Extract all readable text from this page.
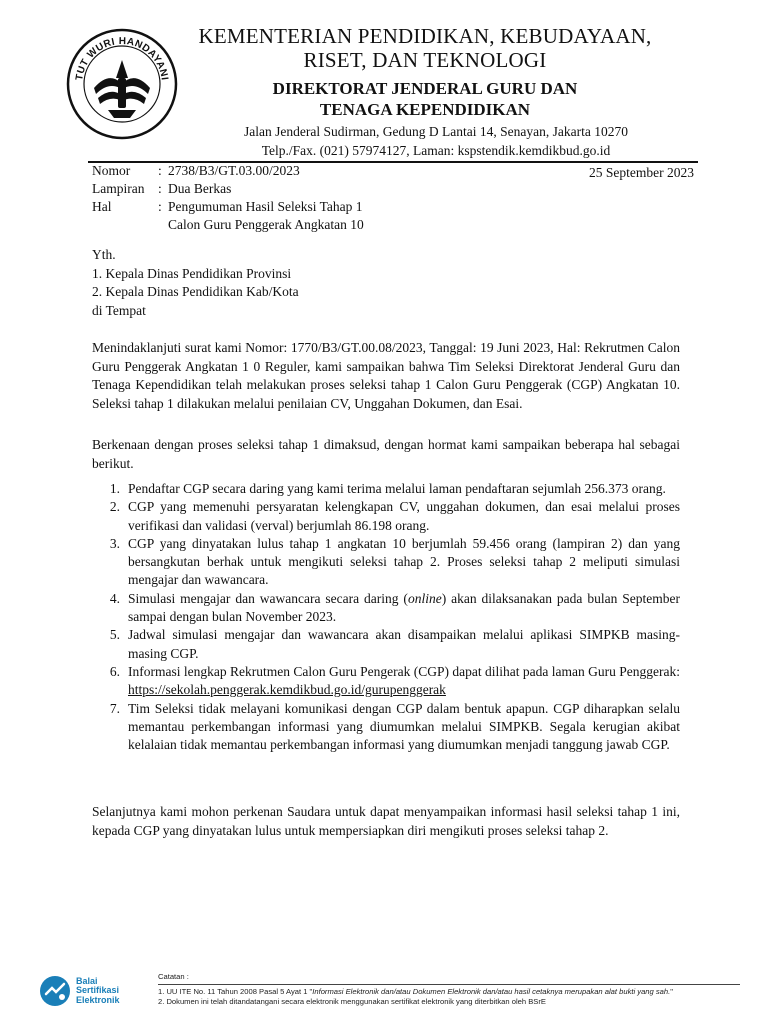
TUT WURI HANDAYANI
KEMENTERIAN PENDIDIKAN, KEBUDAYAAN,
RISET, DAN TEKNOLOGI
DIREKTORAT JENDERAL GURU DAN
TENAGA KEPENDIDIKAN
Jalan Jenderal Sudirman, Gedung D Lantai 14, Senayan, Jakarta 10270
Telp./Fax. (021) 57974127, Laman: kspstendik.kemdikbud.go.id
Nomor	: 2738/B3/GT.03.00/2023
Lampiran	: Dua Berkas
Hal	: Pengumuman Hasil Seleksi Tahap 1
Calon Guru Penggerak Angkatan 10
25 September 2023
Yth.
1. Kepala Dinas Pendidikan Provinsi
2. Kepala Dinas Pendidikan Kab/Kota
di Tempat
Menindaklanjuti surat kami Nomor: 1770/B3/GT.00.08/2023, Tanggal: 19 Juni 2023, Hal: Rekrutmen Calon Guru Penggerak Angkatan 1 0 Reguler, kami sampaikan bahwa Tim Seleksi Direktorat Jenderal Guru dan Tenaga Kependidikan telah melakukan proses seleksi tahap 1 Calon Guru Penggerak (CGP) Angkatan 10. Seleksi tahap 1 dilakukan melalui penilaian CV, Unggahan Dokumen, dan Esai.
Berkenaan dengan proses seleksi tahap 1 dimaksud, dengan hormat kami sampaikan beberapa hal sebagai berikut.
1. Pendaftar CGP secara daring yang kami terima melalui laman pendaftaran sejumlah 256.373 orang.
2. CGP yang memenuhi persyaratan kelengkapan CV, unggahan dokumen, dan esai melalui proses verifikasi dan validasi (verval) berjumlah 86.198 orang.
3. CGP yang dinyatakan lulus tahap 1 angkatan 10 berjumlah 59.456 orang (lampiran 2) dan yang bersangkutan berhak untuk mengikuti seleksi tahap 2. Proses seleksi tahap 2 meliputi simulasi mengajar dan wawancara.
4. Simulasi mengajar dan wawancara secara daring (online) akan dilaksanakan pada bulan September sampai dengan bulan November 2023.
5. Jadwal simulasi mengajar dan wawancara akan disampaikan melalui aplikasi SIMPKB masing-masing CGP.
6. Informasi lengkap Rekrutmen Calon Guru Pengerak (CGP) dapat dilihat pada laman Guru Penggerak: https://sekolah.penggerak.kemdikbud.go.id/gurupenggerak
7. Tim Seleksi tidak melayani komunikasi dengan CGP dalam bentuk apapun. CGP diharapkan selalu memantau perkembangan informasi yang diumumkan melalui SIMPKB. Segala kerugian akibat kelalaian tidak memantau perkembangan informasi yang diumumkan menjadi tanggung jawab CGP.
Selanjutnya kami mohon perkenan Saudara untuk dapat menyampaikan informasi hasil seleksi tahap 1 ini, kepada CGP yang dinyatakan lulus untuk mempersiapkan diri mengikuti proses seleksi tahap 2.
Balai
Sertifikasi
Elektronik
Catatan :
1. UU ITE No. 11 Tahun 2008 Pasal 5 Ayat 1 "Informasi Elektronik dan/atau Dokumen Elektronik dan/atau hasil cetaknya merupakan alat bukti yang sah."
2. Dokumen ini telah ditandatangani secara elektronik menggunakan sertifikat elektronik yang diterbitkan oleh BSrE
